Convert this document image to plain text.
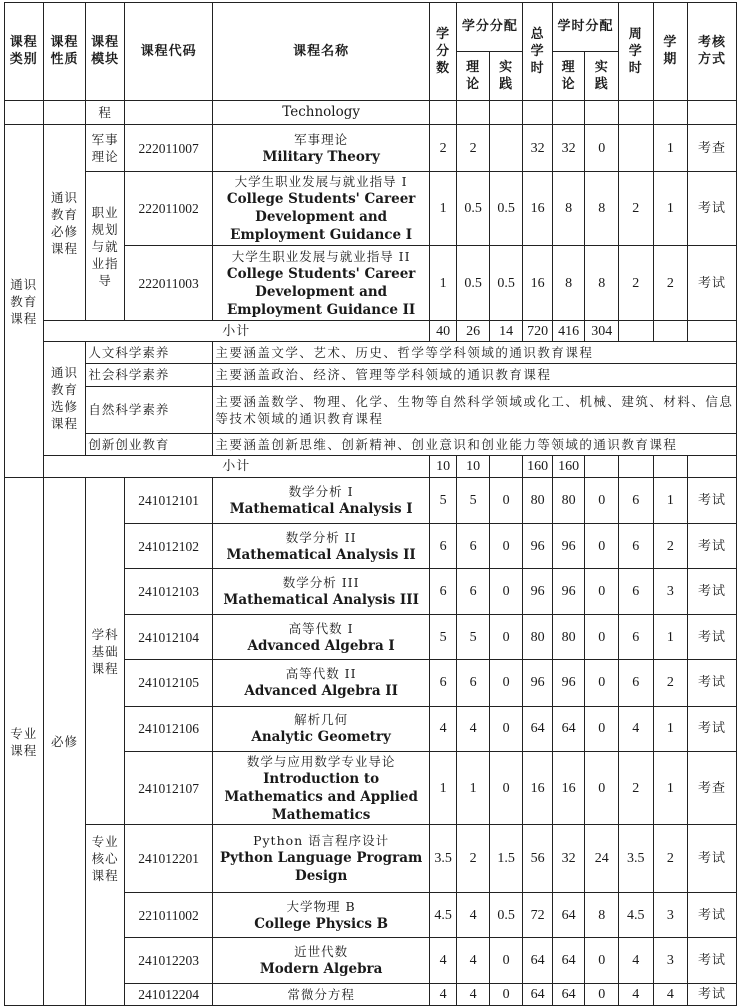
课程类别	课程性质	课程模块	课程代码	课程名称	学分数	学分分配		总学时	学时分配		周学时	学期	考核方式

						理论	实践		理论	实践			

		程		Technology									

通识教育课程	通识教育必修课程	军事理论	222011007	军事理论
Military Theory	2	2		32	32	0		1	考查

		职业规划与就业指导	222011002	大学生职业发展与就业指导 I
College Students' Career Development and Employment Guidance I	1	0.5	0.5	16	8	8	2	1	考试
			222011003	大学生职业发展与就业指导 II
College Students' Career Development and Employment Guidance II	1	0.5	0.5	16	8	8	2	2	考试
	小计				40	26	14	720	416	304			

	通识教育选修课程	人文科学素养		主要涵盖文学、艺术、历史、哲学等学科领域的通识教育课程									
		社会科学素养		主要涵盖政治、经济、管理等学科领域的通识教育课程									
		自然科学素养		主要涵盖数学、物理、化学、生物等自然科学领域或化工、机械、建筑、材料、信息等技术领域的通识教育课程									
		创新创业教育		主要涵盖创新思维、创新精神、创业意识和创业能力等领域的通识教育课程									
	小计				10	10		160	160				

专业课程	必修	学科基础课程	241012101	数学分析 I
Mathematical Analysis I	5	5	0	80	80	0	6	1	考试
			241012102	数学分析 II
Mathematical Analysis II	6	6	0	96	96	0	6	2	考试
			241012103	数学分析 III
Mathematical Analysis III	6	6	0	96	96	0	6	3	考试
			241012104	高等代数 I
Advanced Algebra I	5	5	0	80	80	0	6	1	考试
			241012105	高等代数 II
Advanced Algebra II	6	6	0	96	96	0	6	2	考试
			241012106	解析几何
Analytic Geometry	4	4	0	64	64	0	4	1	考试
			241012107	数学与应用数学专业导论
Introduction to Mathematics and Applied Mathematics	1	1	0	16	16	0	2	1	考查

		专业核心课程	241012201	Python 语言程序设计
Python Language Program Design	3.5	2	1.5	56	32	24	3.5	2	考试
			221011002	大学物理 B
College Physics B	4.5	4	0.5	72	64	8	4.5	3	考试
			241012203	近世代数
Modern Algebra	4	4	0	64	64	0	4	3	考试
			241012204	常微分方程	4	4	0	64	64	0	4	4	考试
